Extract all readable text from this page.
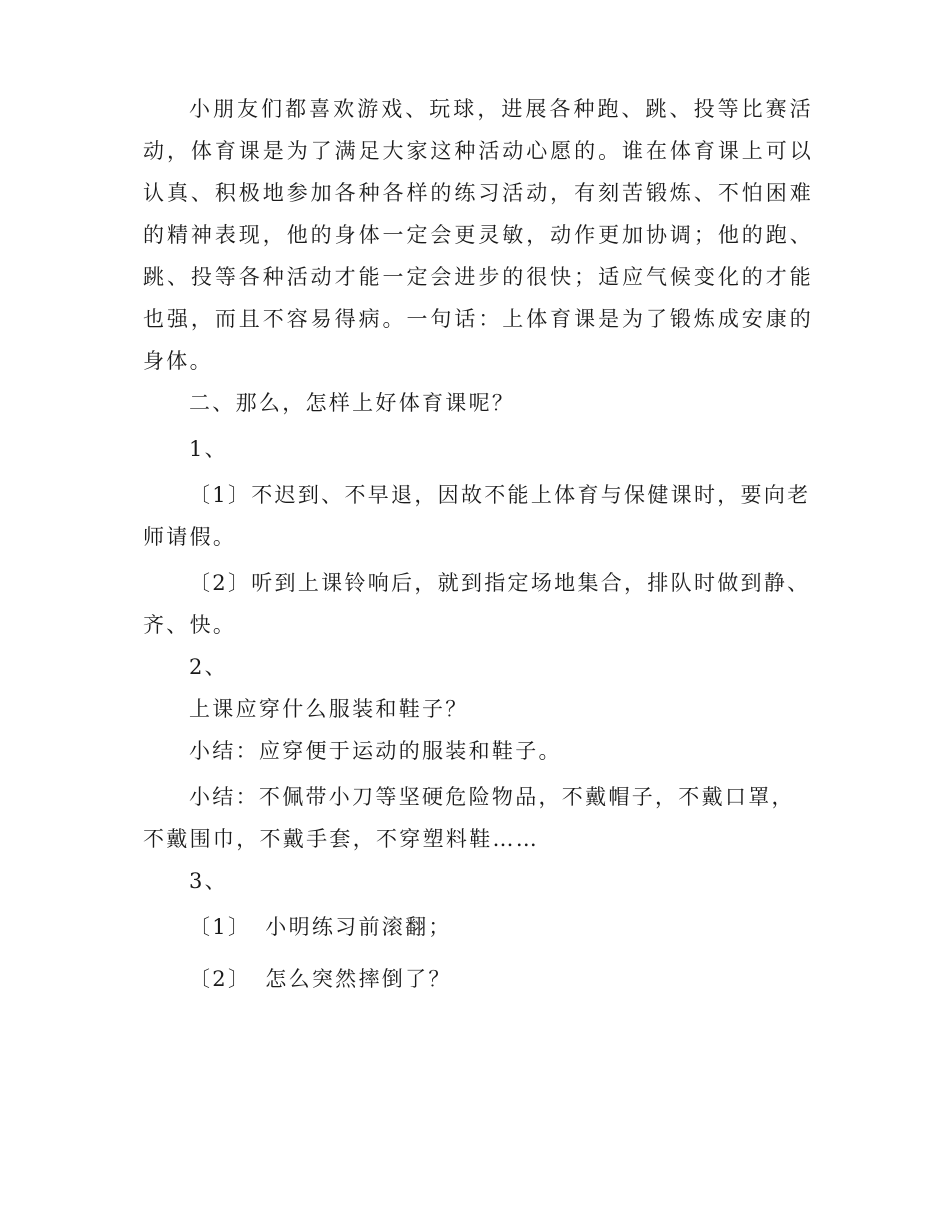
小朋友们都喜欢游戏、玩球，进展各种跑、跳、投等比赛活动，体育课是为了满足大家这种活动心愿的。谁在体育课上可以认真、积极地参加各种各样的练习活动，有刻苦锻炼、不怕困难的精神表现，他的身体一定会更灵敏，动作更加协调；他的跑、跳、投等各种活动才能一定会进步的很快；适应气候变化的才能也强，而且不容易得病。一句话：上体育课是为了锻炼成安康的身体。

二、那么，怎样上好体育课呢？

1、

〔1〕不迟到、不早退，因故不能上体育与保健课时，要向老师请假。

〔2〕听到上课铃响后，就到指定场地集合，排队时做到静、齐、快。

2、

上课应穿什么服装和鞋子？

小结：应穿便于运动的服装和鞋子。

小结：不佩带小刀等坚硬危险物品，不戴帽子，不戴口罩，不戴围巾，不戴手套，不穿塑料鞋……

3、

〔1〕 小明练习前滚翻；

〔2〕 怎么突然摔倒了？
